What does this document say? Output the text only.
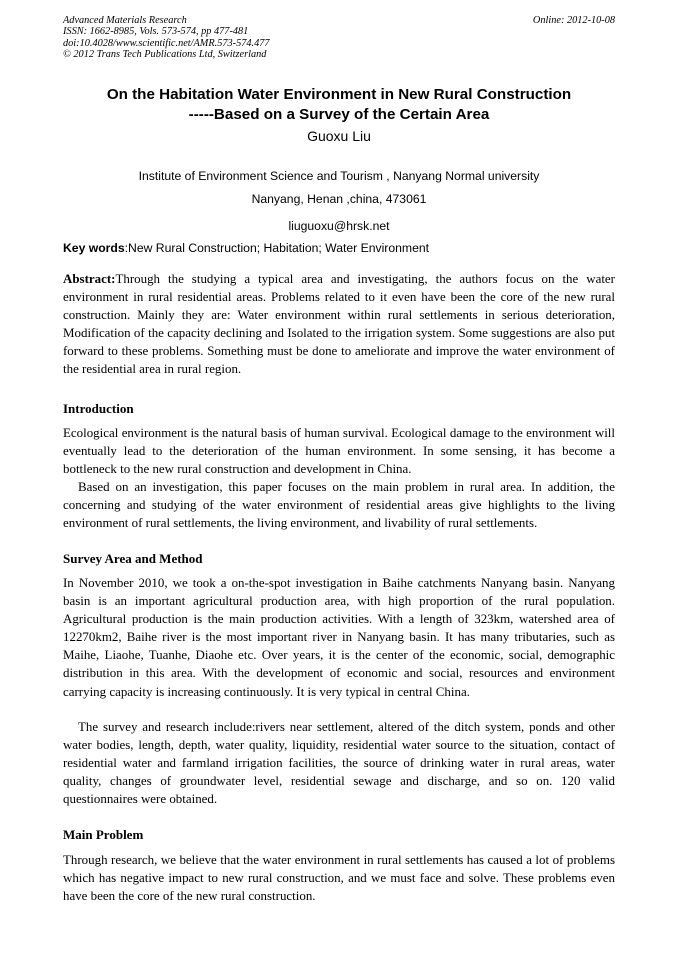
Advanced Materials Research
ISSN: 1662-8985, Vols. 573-574, pp 477-481
doi:10.4028/www.scientific.net/AMR.573-574.477
© 2012 Trans Tech Publications Ltd, Switzerland
Online: 2012-10-08
On the Habitation Water Environment in New Rural Construction
-----Based on a Survey of the Certain Area
Guoxu Liu
Institute of Environment Science and Tourism , Nanyang Normal university
Nanyang, Henan ,china, 473061
liuguoxu@hrsk.net
Key words:New Rural Construction; Habitation; Water Environment
Abstract:Through the studying a typical area and investigating, the authors focus on the water environment in rural residential areas. Problems related to it even have been the core of the new rural construction. Mainly they are: Water environment within rural settlements in serious deterioration, Modification of the capacity declining and Isolated to the irrigation system. Some suggestions are also put forward to these problems. Something must be done to ameliorate and improve the water environment of the residential area in rural region.
Introduction
Ecological environment is the natural basis of human survival. Ecological damage to the environment will eventually lead to the deterioration of the human environment. In some sensing, it has become a bottleneck to the new rural construction and development in China.
Based on an investigation, this paper focuses on the main problem in rural area. In addition, the concerning and studying of the water environment of residential areas give highlights to the living environment of rural settlements, the living environment, and livability of rural settlements.
Survey Area and Method
In November 2010, we took a on-the-spot investigation in Baihe catchments Nanyang basin. Nanyang basin is an important agricultural production area, with high proportion of the rural population. Agricultural production is the main production activities. With a length of 323km, watershed area of 12270km2, Baihe river is the most important river in Nanyang basin. It has many tributaries, such as Maihe, Liaohe, Tuanhe, Diaohe etc. Over years, it is the center of the economic, social, demographic distribution in this area. With the development of economic and social, resources and environment carrying capacity is increasing continuously. It is very typical in central China.
The survey and research include:rivers near settlement, altered of the ditch system, ponds and other water bodies, length, depth, water quality, liquidity, residential water source to the situation, contact of residential water and farmland irrigation facilities, the source of drinking water in rural areas, water quality, changes of groundwater level, residential sewage and discharge, and so on. 120 valid questionnaires were obtained.
Main Problem
Through research, we believe that the water environment in rural settlements has caused a lot of problems which has negative impact to new rural construction, and we must face and solve. These problems even have been the core of the new rural construction.
